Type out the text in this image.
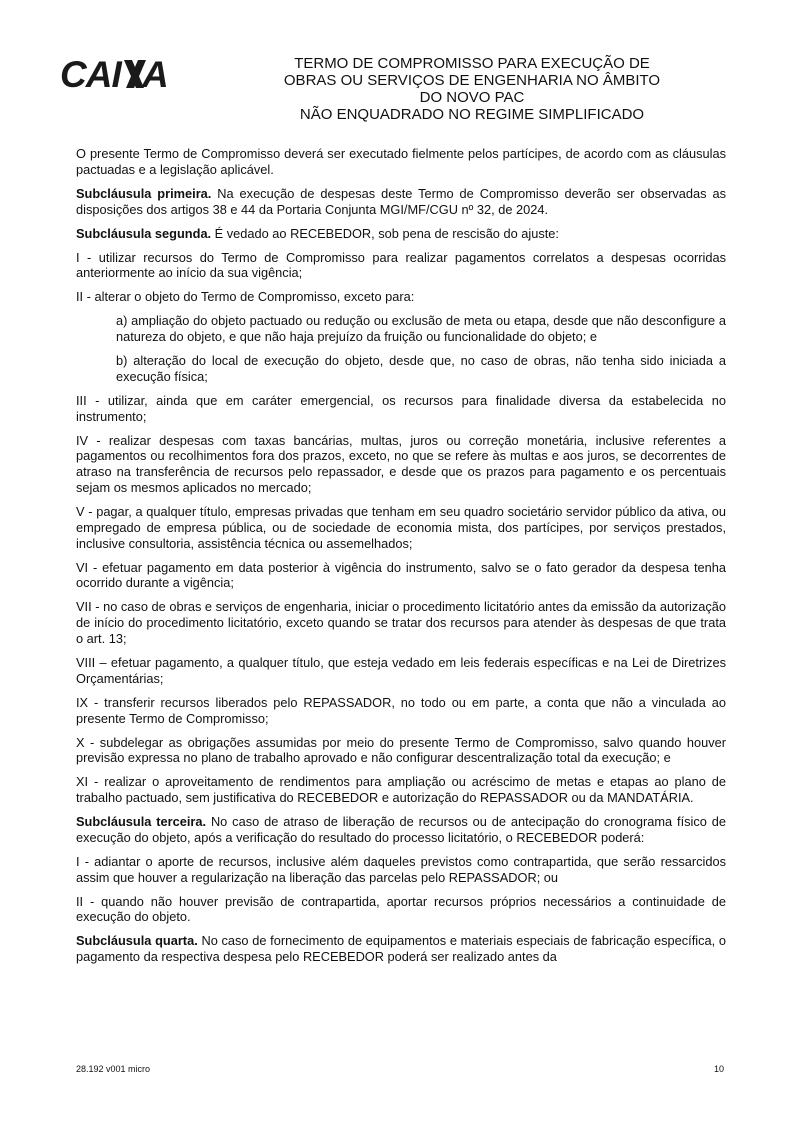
CAI A	TERMO DE COMPROMISSO PARA EXECUÇÃO DE
OBRAS OU SERVIÇOS DE ENGENHARIA NO ÂMBITO
DO NOVO PAC
NÃO ENQUADRADO NO REGIME SIMPLIFICADO

O presente Termo de Compromisso deverá ser executado fielmente pelos partícipes, de acordo com as cláusulas pactuadas e a legislação aplicável.

Subcláusula primeira. Na execução de despesas deste Termo de Compromisso deverão ser observadas as disposições dos artigos 38 e 44 da Portaria Conjunta MGI/MF/CGU nº 32, de 2024.

Subcláusula segunda. É vedado ao RECEBEDOR, sob pena de rescisão do ajuste:

I - utilizar recursos do Termo de Compromisso para realizar pagamentos correlatos a despesas ocorridas anteriormente ao início da sua vigência;

II - alterar o objeto do Termo de Compromisso, exceto para:

a) ampliação do objeto pactuado ou redução ou exclusão de meta ou etapa, desde que não desconfigure a natureza do objeto, e que não haja prejuízo da fruição ou funcionalidade do objeto; e

b) alteração do local de execução do objeto, desde que, no caso de obras, não tenha sido iniciada a execução física;

III - utilizar, ainda que em caráter emergencial, os recursos para finalidade diversa da estabelecida no instrumento;

IV - realizar despesas com taxas bancárias, multas, juros ou correção monetária, inclusive referentes a pagamentos ou recolhimentos fora dos prazos, exceto, no que se refere às multas e aos juros, se decorrentes de atraso na transferência de recursos pelo repassador, e desde que os prazos para pagamento e os percentuais sejam os mesmos aplicados no mercado;

V - pagar, a qualquer título, empresas privadas que tenham em seu quadro societário servidor público da ativa, ou empregado de empresa pública, ou de sociedade de economia mista, dos partícipes, por serviços prestados, inclusive consultoria, assistência técnica ou assemelhados;

VI - efetuar pagamento em data posterior à vigência do instrumento, salvo se o fato gerador da despesa tenha ocorrido durante a vigência;

VII - no caso de obras e serviços de engenharia, iniciar o procedimento licitatório antes da emissão da autorização de início do procedimento licitatório, exceto quando se tratar dos recursos para atender às despesas de que trata o art. 13;

VIII – efetuar pagamento, a qualquer título, que esteja vedado em leis federais específicas e na Lei de Diretrizes Orçamentárias;

IX - transferir recursos liberados pelo REPASSADOR, no todo ou em parte, a conta que não a vinculada ao presente Termo de Compromisso;

X - subdelegar as obrigações assumidas por meio do presente Termo de Compromisso, salvo quando houver previsão expressa no plano de trabalho aprovado e não configurar descentralização total da execução; e

XI - realizar o aproveitamento de rendimentos para ampliação ou acréscimo de metas e etapas ao plano de trabalho pactuado, sem justificativa do RECEBEDOR e autorização do REPASSADOR ou da MANDATÁRIA.

Subcláusula terceira. No caso de atraso de liberação de recursos ou de antecipação do cronograma físico de execução do objeto, após a verificação do resultado do processo licitatório, o RECEBEDOR poderá:

I - adiantar o aporte de recursos, inclusive além daqueles previstos como contrapartida, que serão ressarcidos assim que houver a regularização na liberação das parcelas pelo REPASSADOR; ou

II - quando não houver previsão de contrapartida, aportar recursos próprios necessários a continuidade de execução do objeto.

Subcláusula quarta. No caso de fornecimento de equipamentos e materiais especiais de fabricação específica, o pagamento da respectiva despesa pelo RECEBEDOR poderá ser realizado antes da

28.192 v001 micro	10
